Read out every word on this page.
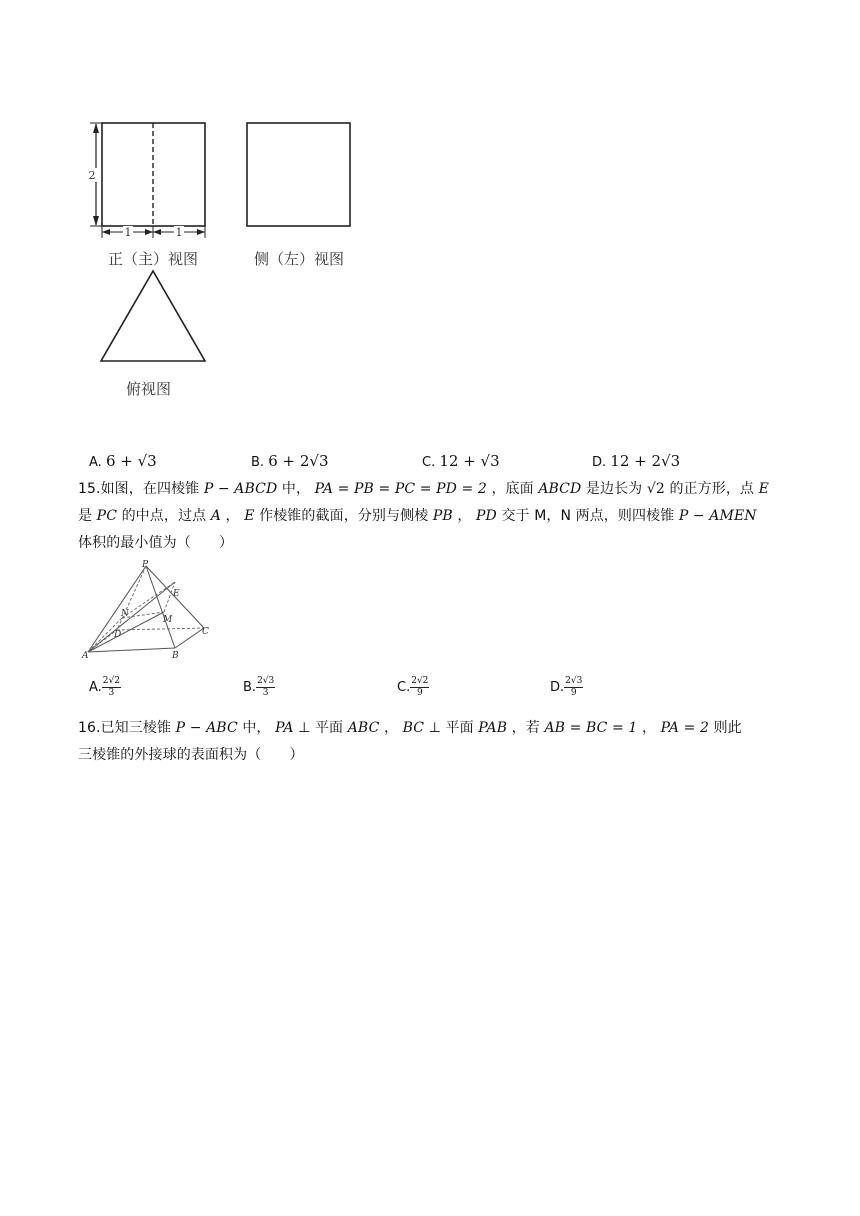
2
1	1
正（主）视图	侧（左）视图
俯视图
A. 6 + √3	B. 6 + 2√3	C. 12 + √3	D. 12 + 2√3
15.如图，在四棱锥 P − ABCD 中， PA = PB = PC = PD = 2 ，底面 ABCD 是边长为 √2 的正方形，点 E
是 PC 的中点，过点 A ， E 作棱锥的截面，分别与侧棱 PB ， PD 交于 M，N 两点，则四棱锥 P − AMEN
体积的最小值为（　　）
P
E
M
N
C
A	B
D
A. $\frac{2√2}{3}$	B. $\frac{2√3}{3}$	C. $\frac{2√2}{9}$	D. $\frac{2√3}{9}$
16.已知三棱锥 P − ABC 中， PA ⊥ 平面 ABC ， BC ⊥ 平面 PAB ，若 AB = BC = 1 ， PA = 2 则此
三棱锥的外接球的表面积为（　　）
